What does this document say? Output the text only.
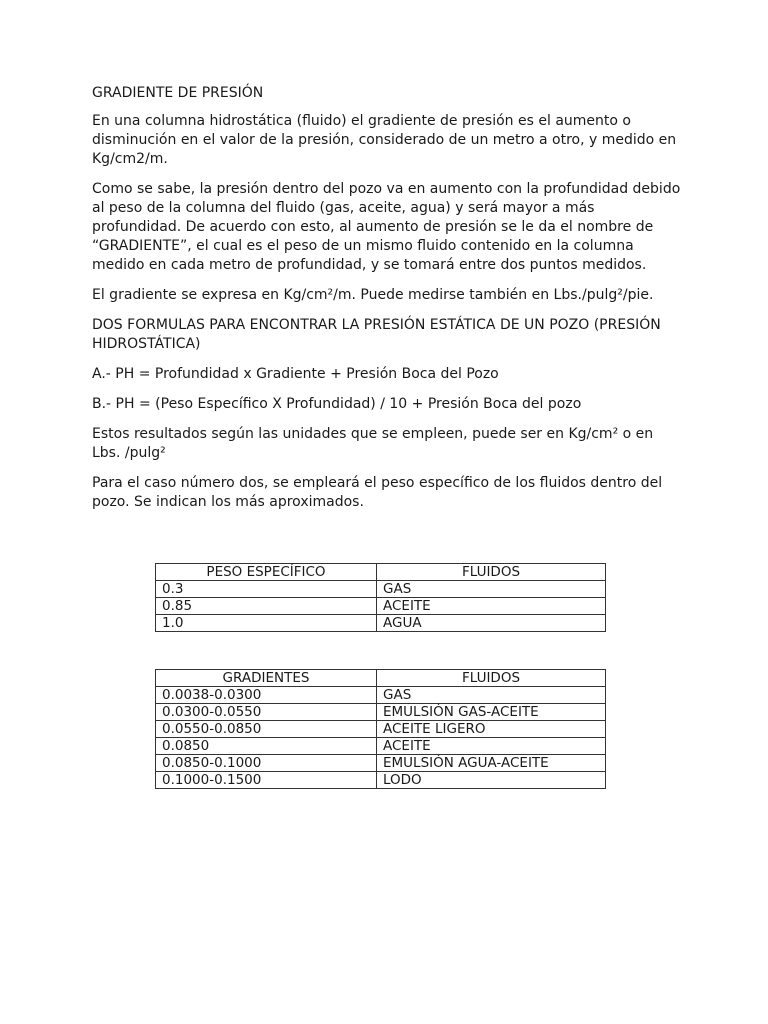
GRADIENTE DE PRESIÓN

En una columna hidrostática (fluido) el gradiente de presión es el aumento o disminución en el valor de la presión, considerado de un metro a otro, y medido en Kg/cm2/m.

Como se sabe, la presión dentro del pozo va en aumento con la profundidad debido al peso de la columna del fluido (gas, aceite, agua) y será mayor a más profundidad. De acuerdo con esto, al aumento de presión se le da el nombre de “GRADIENTE”, el cual es el peso de un mismo fluido contenido en la columna medido en cada metro de profundidad, y se tomará entre dos puntos medidos.

El gradiente se expresa en Kg/cm²/m. Puede medirse también en Lbs./pulg²/pie.

DOS FORMULAS PARA ENCONTRAR LA PRESIÓN ESTÁTICA DE UN POZO (PRESIÓN HIDROSTÁTICA)

A.- PH = Profundidad x Gradiente + Presión Boca del Pozo

B.- PH = (Peso Específico X Profundidad) / 10 + Presión Boca del pozo

Estos resultados según las unidades que se empleen, puede ser en Kg/cm² o en Lbs. /pulg²

Para el caso número dos, se empleará el peso específico de los fluidos dentro del pozo. Se indican los más aproximados.

PESO ESPECÍFICO	FLUIDOS
0.3	GAS
0.85	ACEITE
1.0	AGUA
GRADIENTES	FLUIDOS
0.0038-0.0300	GAS
0.0300-0.0550	EMULSIÓN GAS-ACEITE
0.0550-0.0850	ACEITE LIGERO
0.0850	ACEITE
0.0850-0.1000	EMULSIÓN AGUA-ACEITE
0.1000-0.1500	LODO
